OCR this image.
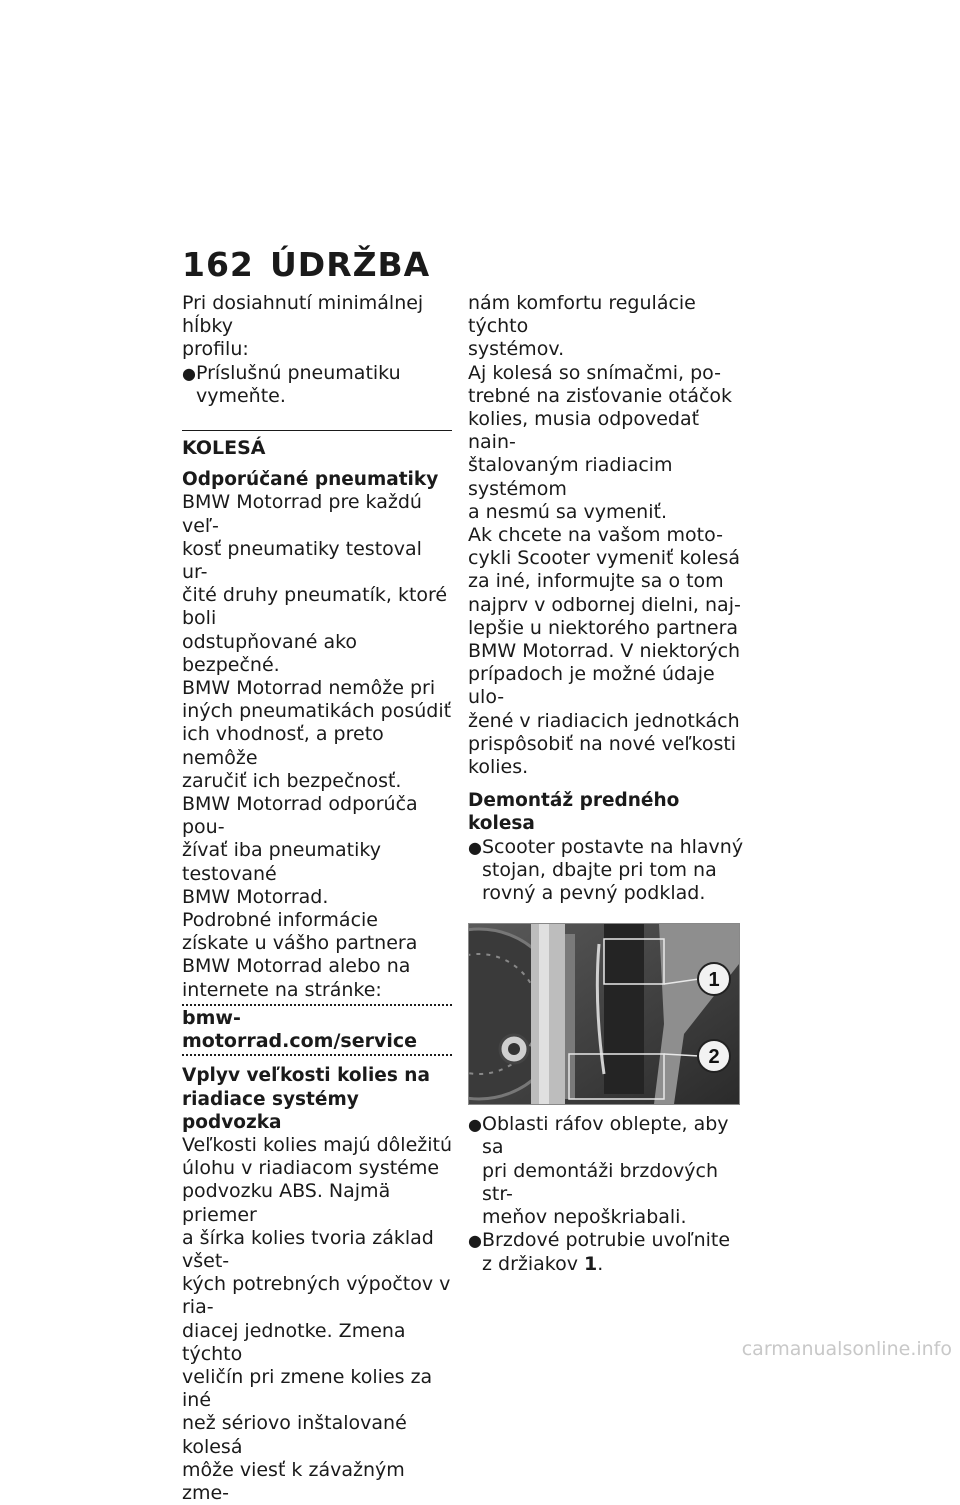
162 ÚDRŽBA
Pri dosiahnutí minimálnej hĺbky
profilu:
● Príslušnú pneumatiku
vymeňte.
KOLESÁ
Odporúčané pneumatiky
BMW Motorrad pre každú veľ-
kosť pneumatiky testoval ur-
čité druhy pneumatík, ktoré boli
odstupňované ako bezpečné.
BMW Motorrad nemôže pri
iných pneumatikách posúdiť
ich vhodnosť, a preto nemôže
zaručiť ich bezpečnosť.
BMW Motorrad odporúča pou-
žívať iba pneumatiky testované
BMW Motorrad.
Podrobné informácie
získate u vášho partnera
BMW Motorrad alebo na
internete na stránke:
bmw-motorrad.com/service
Vplyv veľkosti kolies na
riadiace systémy podvozka
Veľkosti kolies majú dôležitú
úlohu v riadiacom systéme
podvozku ABS. Najmä priemer
a šírka kolies tvoria základ všet-
kých potrebných výpočtov v ria-
diacej jednotke. Zmena týchto
veličín pri zmene kolies za iné
než sériovo inštalované kolesá
môže viesť k závažným zme-
nám komfortu regulácie týchto
systémov.
Aj kolesá so snímačmi, po-
trebné na zisťovanie otáčok
kolies, musia odpovedať nain-
štalovaným riadiacim systémom
a nesmú sa vymeniť.
Ak chcete na vašom moto-
cykli Scooter vymeniť kolesá
za iné, informujte sa o tom
najprv v odbornej dielni, naj-
lepšie u niektorého partnera
BMW Motorrad. V niektorých
prípadoch je možné údaje ulo-
žené v riadiacich jednotkách
prispôsobiť na nové veľkosti
kolies.
Demontáž predného kolesa
● Scooter postavte na hlavný
stojan, dbajte pri tom na
rovný a pevný podklad.
1
2
● Oblasti ráfov oblepte, aby sa
pri demontáži brzdových str-
meňov nepoškriabali.
● Brzdové potrubie uvoľnite
z držiakov 1.
carmanualsonline.info
